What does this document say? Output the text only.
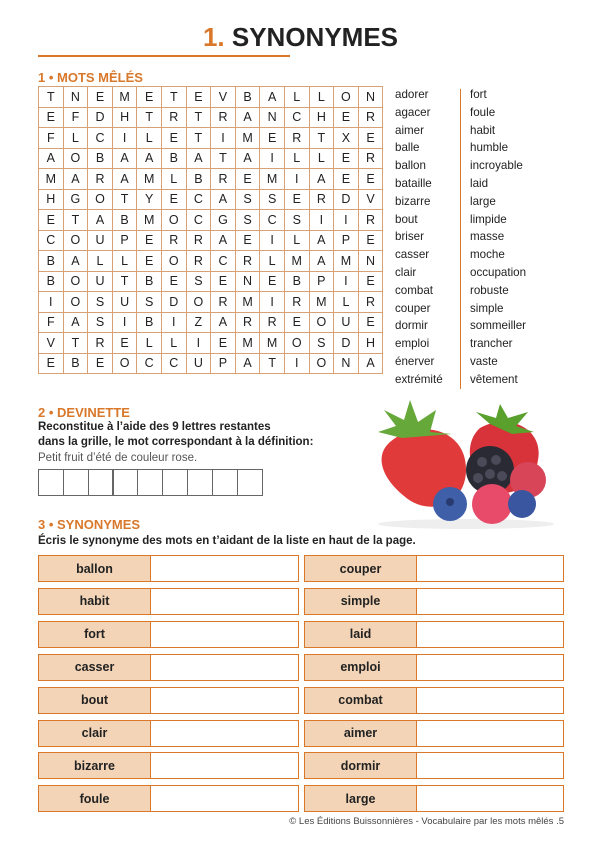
1. SYNONYMES
1 • MOTS MÊLÉS
T	N	E	M	E	T	E	V	B	A	L	L	O	N
E	F	D	H	T	R	T	R	A	N	C	H	E	R
F	L	C	I	L	E	T	I	M	E	R	T	X	E
A	O	B	A	A	B	A	T	A	I	L	L	E	R
M	A	R	A	M	L	B	R	E	M	I	A	E	E
H	G	O	T	Y	E	C	A	S	S	E	R	D	V
E	T	A	B	M	O	C	G	S	C	S	I	I	R
C	O	U	P	E	R	R	A	E	I	L	A	P	E
B	A	L	L	E	O	R	C	R	L	M	A	M	N
B	O	U	T	B	E	S	E	N	E	B	P	I	E
I	O	S	U	S	D	O	R	M	I	R	M	L	R
F	A	S	I	B	I	Z	A	R	R	E	O	U	E
V	T	R	E	L	L	I	E	M	M	O	S	D	H
E	B	E	O	C	C	U	P	A	T	I	O	N	A
adorer
agacer
aimer
balle
ballon
bataille
bizarre
bout
briser
casser
clair
combat
couper
dormir
emploi
énerver
extrémité
fort
foule
habit
humble
incroyable
laid
large
limpide
masse
moche
occupation
robuste
simple
sommeiller
trancher
vaste
vêtement
2 • DEVINETTE
Reconstitue à l’aide des 9 lettres restantes
dans la grille, le mot correspondant à la définition:
Petit fruit d’été de couleur rose.
3 • SYNONYMES
Écris le synonyme des mots en t’aidant de la liste en haut de la page.
ballon
habit
fort
casser
bout
clair
bizarre
foule
couper
simple
laid
emploi
combat
aimer
dormir
large
© Les Éditions Buissonnières - Vocabulaire par les mots mêlés .5
